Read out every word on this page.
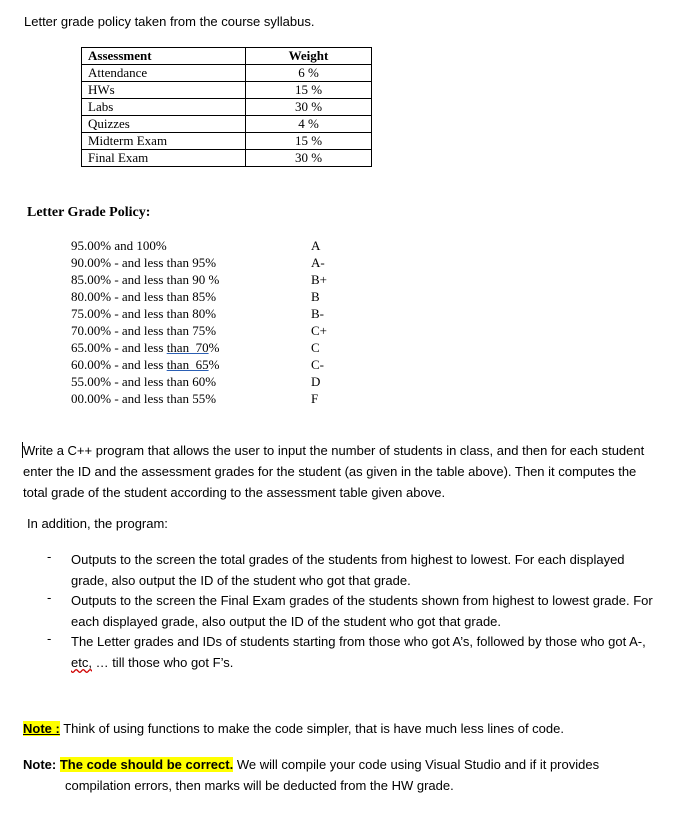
Letter grade policy taken from the course syllabus.
Assessment	Weight
Attendance	6 %
HWs	15 %
Labs	30 %
Quizzes	4 %
Midterm Exam	15 %
Final Exam	30 %
Letter Grade Policy:
95.00% and 100%	A
90.00% - and less than 95%	A-
85.00% - and less than 90 %	B+
80.00% - and less than 85%	B
75.00% - and less than 80%	B-
70.00% - and less than 75%	C+
65.00% - and less than  70%	C
60.00% - and less than  65%	C-
55.00% - and less than 60%	D
00.00% - and less than 55%	F
Write a C++ program that allows the user to input the number of students in class, and then for each student enter the ID and the assessment grades for the student (as given in the table above). Then it computes the total grade of the student according to the assessment table given above.
In addition, the program:
- Outputs to the screen the total grades of the students from highest to lowest. For each displayed grade, also output the ID of the student who got that grade.
- Outputs to the screen the Final Exam grades of the students shown from highest to lowest grade. For each displayed grade, also output the ID of the student who got that grade.
- The Letter grades and IDs of students starting from those who got A’s, followed by those who got A-, etc, … till those who got F’s.
Note : Think of using functions to make the code simpler, that is have much less lines of code.
Note: The code should be correct. We will compile your code using Visual Studio and if it provides
compilation errors, then marks will be deducted from the HW grade.
